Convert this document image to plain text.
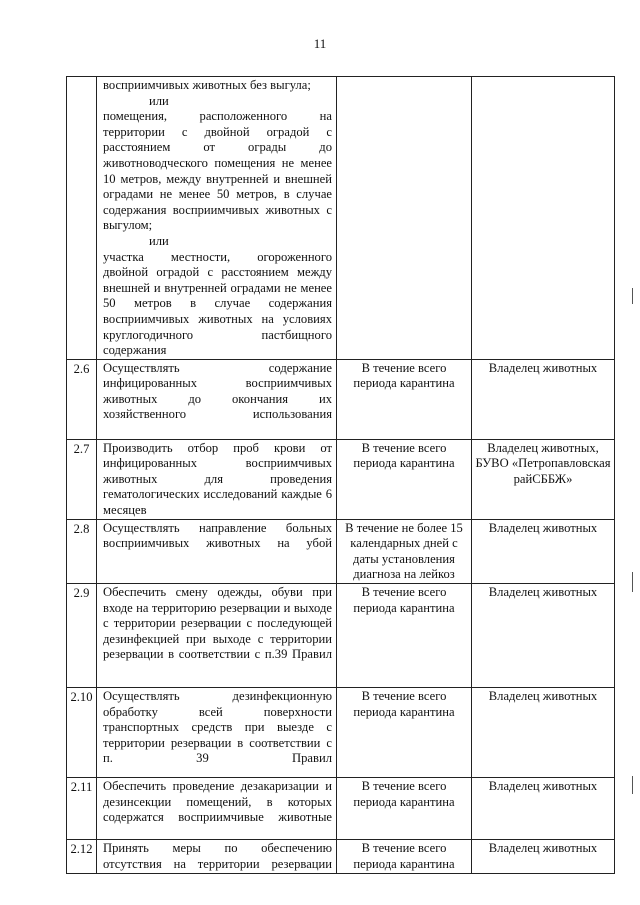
11

	восприимчивых животных без выгула;
или
помещения, расположенного на территории с двойной оградой с расстоянием от ограды до животноводческого помещения не менее 10 метров, между внутренней и внешней оградами не менее 50 метров, в случае содержания восприимчивых животных с выгулом;
или
участка местности, огороженного двойной оградой с расстоянием между внешней и внутренней оградами не менее 50 метров в случае содержания восприимчивых животных на условиях круглогодичного пастбищного содержания		

2.6	Осуществлять содержание инфицированных восприимчивых животных до окончания их хозяйственного использования	В течение всего периода карантина	Владелец животных
2.7	Производить отбор проб крови от инфицированных восприимчивых животных для проведения гематологических исследований каждые 6 месяцев	В течение всего периода карантина	Владелец животных, БУВО «Петропавловская райСББЖ»
2.8	Осуществлять направление больных восприимчивых животных на убой	В течение не более 15 календарных дней с даты установления диагноза на лейкоз	Владелец животных
2.9	Обеспечить смену одежды, обуви при входе на территорию резервации и выходе с территории резервации с последующей дезинфекцией при выходе с территории резервации в соответствии с п.39 Правил	В течение всего периода карантина	Владелец животных
2.10	Осуществлять дезинфекционную обработку всей поверхности транспортных средств при выезде с территории резервации в соответствии с п. 39 Правил	В течение всего периода карантина	Владелец животных
2.11	Обеспечить проведение дезакаризации и дезинсекции помещений, в которых содержатся восприимчивые животные	В течение всего периода карантина	Владелец животных
2.12	Принять меры по обеспечению отсутствия на территории резервации	В течение всего периода карантина	Владелец животных
